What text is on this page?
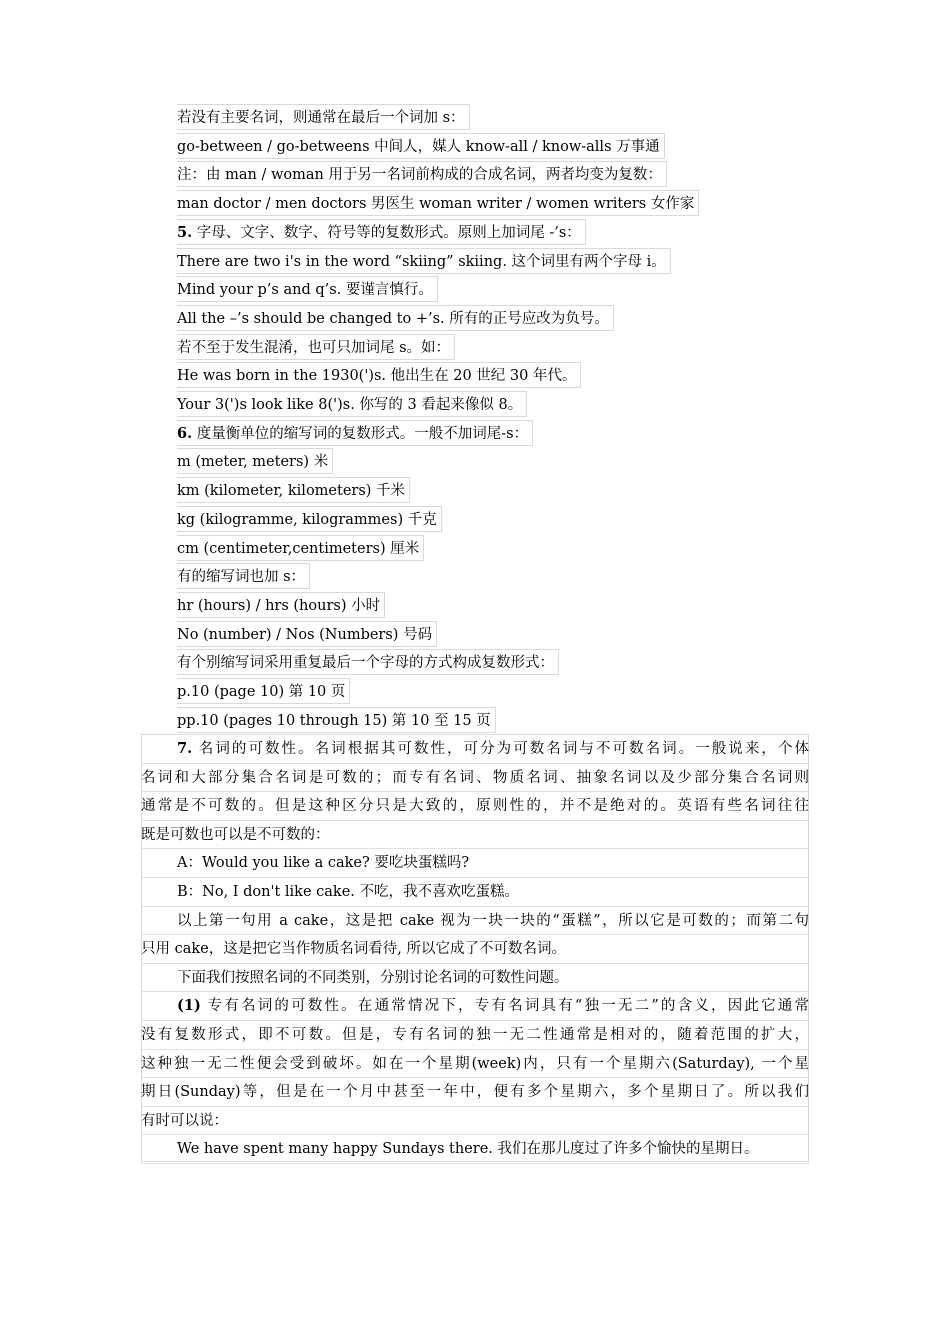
若没有主要名词，则通常在最后一个词加 s：
go-between / go-betweens 中间人，媒人 know-all / know-alls 万事通
注：由 man / woman 用于另一名词前构成的合成名词，两者均变为复数：
man doctor / men doctors 男医生 woman writer / women writers 女作家
5. 字母、文字、数字、符号等的复数形式。原则上加词尾 -’s：
There are two i's in the word “skiing” skiing. 这个词里有两个字母 i。
Mind your p’s and q’s. 要谨言慎行。
All the –’s should be changed to +’s. 所有的正号应改为负号。
若不至于发生混淆，也可只加词尾 s。如：
He was born in the 1930(')s. 他出生在 20 世纪 30 年代。
Your 3(')s look like 8(')s. 你写的 3 看起来像似 8。
6. 度量衡单位的缩写词的复数形式。一般不加词尾-s：
m (meter, meters) 米
km (kilometer, kilometers) 千米
kg (kilogramme, kilogrammes) 千克
cm (centimeter,centimeters) 厘米
有的缩写词也加 s：
hr (hours) / hrs (hours) 小时
No (number) / Nos (Numbers) 号码
有个别缩写词采用重复最后一个字母的方式构成复数形式：
p.10 (page 10) 第 10 页
pp.10 (pages 10 through 15) 第 10 至 15 页
7. 名词的可数性。名词根据其可数性，可分为可数名词与不可数名词。一般说来，个体
名词和大部分集合名词是可数的；而专有名词、物质名词、抽象名词以及少部分集合名词则
通常是不可数的。但是这种区分只是大致的，原则性的，并不是绝对的。英语有些名词往往
既是可数也可以是不可数的：
A：Would you like a cake? 要吃块蛋糕吗?
B：No, I don't like cake. 不吃，我不喜欢吃蛋糕。
以上第一句用 a cake，这是把 cake 视为一块一块的“蛋糕”，所以它是可数的；而第二句
只用 cake，这是把它当作物质名词看待, 所以它成了不可数名词。
下面我们按照名词的不同类别，分别讨论名词的可数性问题。
(1) 专有名词的可数性。在通常情况下，专有名词具有“独一无二”的含义，因此它通常
没有复数形式，即不可数。但是，专有名词的独一无二性通常是相对的，随着范围的扩大，
这种独一无二性便会受到破坏。如在一个星期(week)内，只有一个星期六(Saturday), 一个星
期日(Sunday)等，但是在一个月中甚至一年中，便有多个星期六，多个星期日了。所以我们
有时可以说：
We have spent many happy Sundays there. 我们在那儿度过了许多个愉快的星期日。
